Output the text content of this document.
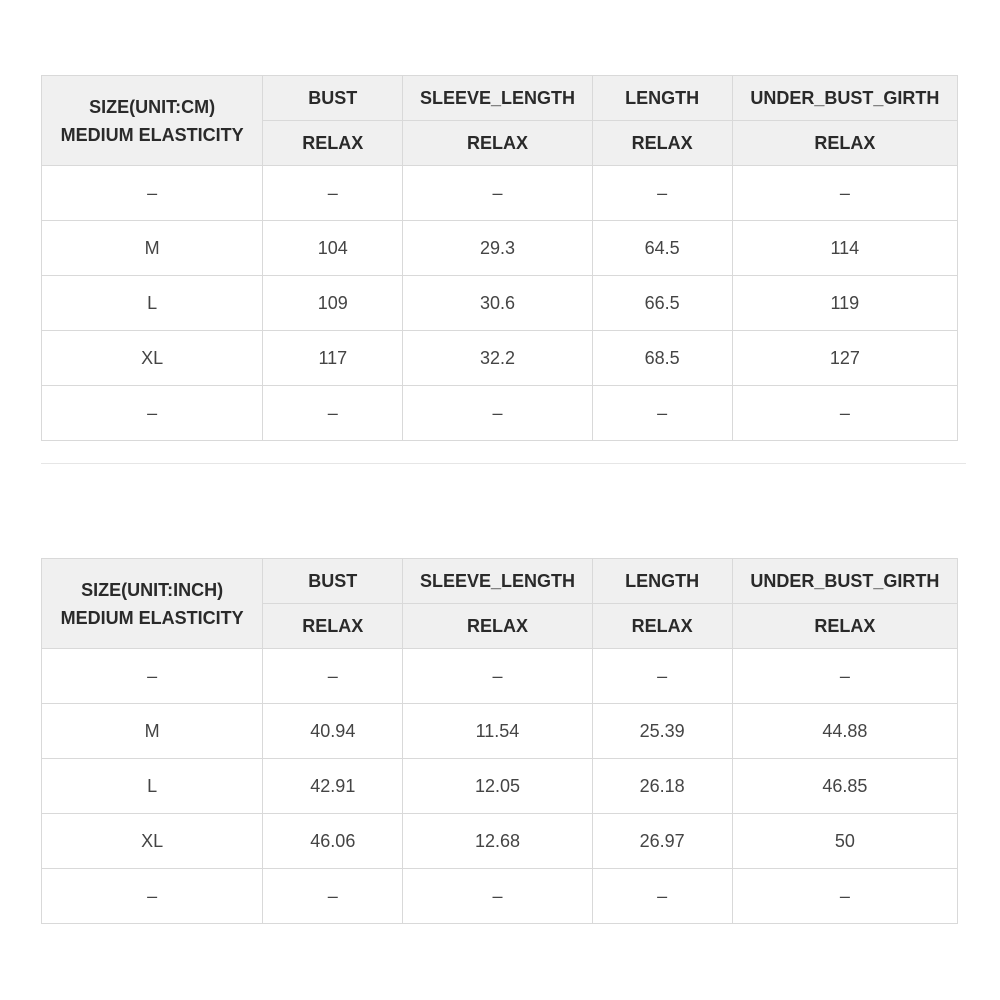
SIZE(UNIT:CM)
MEDIUM ELASTICITY	BUST	SLEEVE_LENGTH	LENGTH	UNDER_BUST_GIRTH
	RELAX	RELAX	RELAX	RELAX
–	–	–	–	–
M	104	29.3	64.5	114
L	109	30.6	66.5	119
XL	117	32.2	68.5	127
–	–	–	–	–
SIZE(UNIT:INCH)
MEDIUM ELASTICITY	BUST	SLEEVE_LENGTH	LENGTH	UNDER_BUST_GIRTH
	RELAX	RELAX	RELAX	RELAX
–	–	–	–	–
M	40.94	11.54	25.39	44.88
L	42.91	12.05	26.18	46.85
XL	46.06	12.68	26.97	50
–	–	–	–	–
